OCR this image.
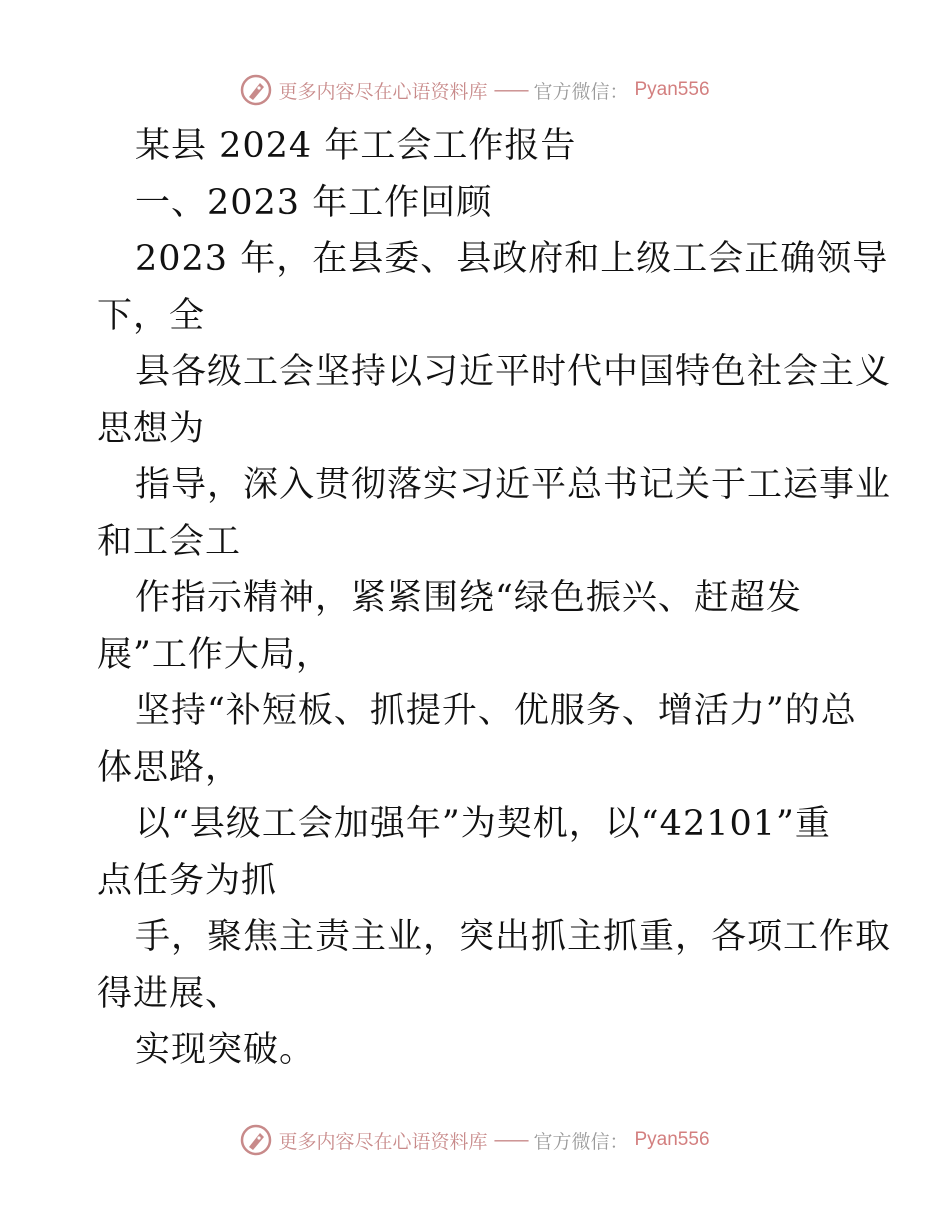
更多内容尽在心语资料库 —— 官方微信： Pyan556
某县 2024 年工会工作报告
一、2023 年工作回顾
2023 年，在县委、县政府和上级工会正确领导
下，全
县各级工会坚持以习近平时代中国特色社会主义
思想为
指导，深入贯彻落实习近平总书记关于工运事业
和工会工
作指示精神，紧紧围绕“绿色振兴、赶超发
展”工作大局，
坚持“补短板、抓提升、优服务、增活力”的总
体思路，
以“县级工会加强年”为契机，以“42101”重
点任务为抓
手，聚焦主责主业，突出抓主抓重，各项工作取
得进展、
实现突破。
更多内容尽在心语资料库 —— 官方微信： Pyan556
